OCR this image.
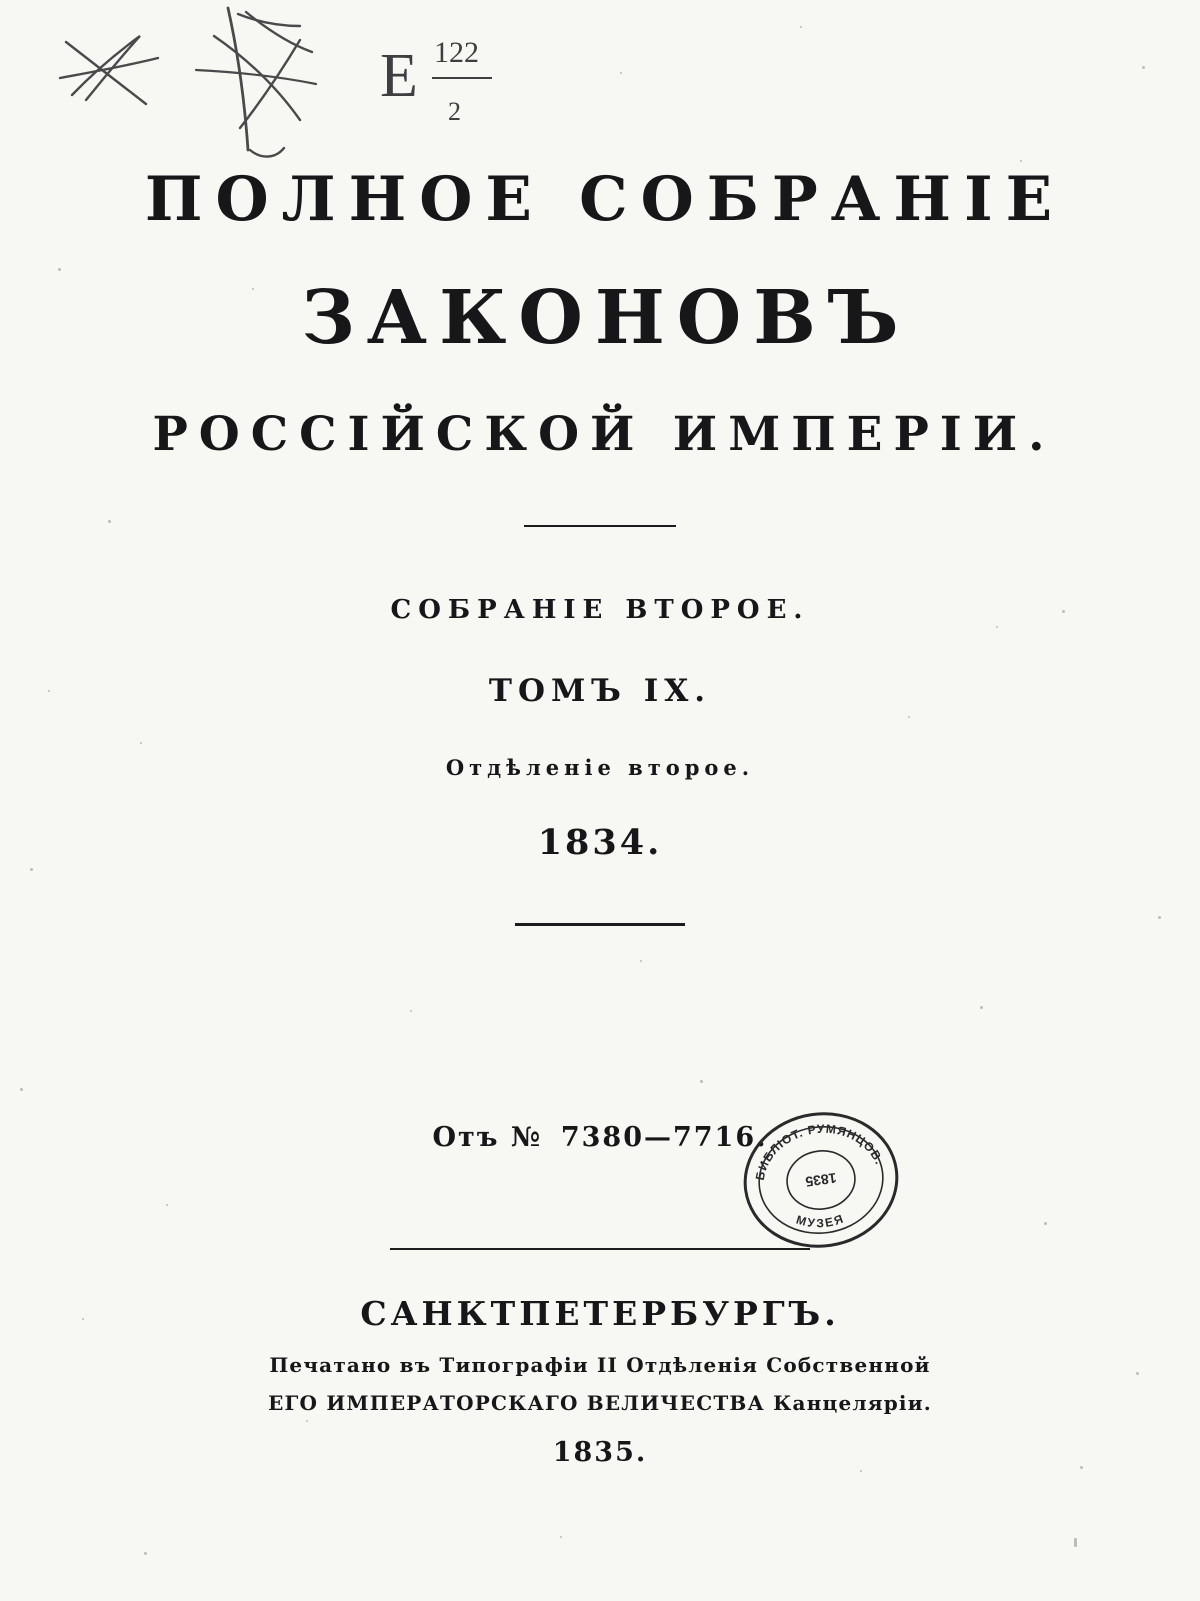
E 122
2
ПОЛНОЕ СОБРАНІЕ
ЗАКОНОВЪ
РОССІЙСКОЙ ИМПЕРІИ.
СОБРАНІЕ ВТОРОЕ.
ТОМЪ IX.
Отдѣленіе второе.
1834.
Отъ № 7380—7716.
БИБЛІОТ. РУМЯНЦОВ.
МУЗЕЯ
1835
САНКТПЕТЕРБУРГЪ.
Печатано въ Типографіи II Отдѣленія Собственной
ЕГО ИМПЕРАТОРСКАГО ВЕЛИЧЕСТВА Канцеляріи.
1835.
